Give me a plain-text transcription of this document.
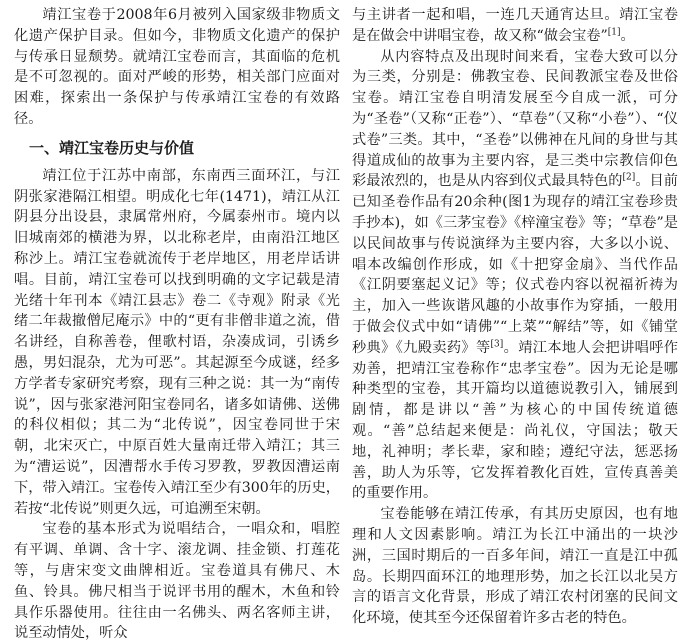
靖江宝卷于2008年6月被列入国家级非物质文化遗产保护目录。但如今，非物质文化遗产的保护与传承日显颓势。就靖江宝卷而言，其面临的危机是不可忽视的。面对严峻的形势，相关部门应面对困难，探索出一条保护与传承靖江宝卷的有效路径。

一、靖江宝卷历史与价值

靖江位于江苏中南部，东南西三面环江，与江阴张家港隔江相望。明成化七年(1471)，靖江从江阴县分出设县，隶属常州府，今属泰州市。境内以旧城南郊的横港为界，以北称老岸，由南沿江地区称沙上。靖江宝卷就流传于老岸地区，用老岸话讲唱。目前，靖江宝卷可以找到明确的文字记载是清光绪十年刊本《靖江县志》卷二《寺观》附录《光绪二年裁撤僧尼庵示》中的“更有非僧非道之流，借名讲经，自称善卷，俚歌村语，杂凑成词，引诱乡愚，男妇混杂，尤为可恶”。其起源至今成谜，经多方学者专家研究考察，现有三种之说：其一为“南传说”，因与张家港河阳宝卷同名，诸多如请佛、送佛的科仪相似；其二为“北传说”，因宝卷同世于宋朝，北宋灭亡，中原百姓大量南迁带入靖江；其三为“漕运说”，因漕帮水手传习罗教，罗教因漕运南下，带入靖江。宝卷传入靖江至少有300年的历史，若按“北传说”则更久远，可追溯至宋朝。

宝卷的基本形式为说唱结合，一唱众和，唱腔有平调、单调、含十字、滚龙调、挂金锁、打莲花等，与唐宋变文曲牌相近。宝卷道具有佛尺、木鱼、铃具。佛尺相当于说评书用的醒木，木鱼和铃具作乐器使用。往往由一名佛头、两名客师主讲，说至动情处，听众

与主讲者一起和唱，一连几天通宵达旦。靖江宝卷是在做会中讲唱宝卷，故又称“做会宝卷”[1]。

从内容特点及出现时间来看，宝卷大致可以分为三类，分别是：佛教宝卷、民间教派宝卷及世俗宝卷。靖江宝卷自明清发展至今自成一派，可分为“圣卷”（又称“正卷”）、“草卷”（又称“小卷”）、“仪式卷”三类。其中，“圣卷”以佛神在凡间的身世与其得道成仙的故事为主要内容，是三类中宗教信仰色彩最浓烈的，也是从内容到仪式最具特色的[2]。目前已知圣卷作品有20余种(图1为现存的靖江宝卷珍贵手抄本)，如《三茅宝卷》《梓潼宝卷》等；“草卷”是以民间故事与传说演绎为主要内容，大多以小说、唱本改编创作形成，如《十把穿金扇》、当代作品《江阴要塞起义记》等；仪式卷内容以祝福祈祷为主，加入一些诙谐风趣的小故事作为穿插，一般用于做会仪式中如“请佛”“上菜”“解结”等，如《铺堂秒典》《九殿卖药》等[3]。靖江本地人会把讲唱呼作劝善，把靖江宝卷称作“忠孝宝卷”。因为无论是哪种类型的宝卷，其开篇均以道德说教引入，铺展到剧情，都是讲以“善”为核心的中国传统道德观。“善”总结起来便是：尚礼仪，守国法；敬天地，礼神明；孝长辈，家和睦；遵纪守法，惩恶扬善，助人为乐等，它发挥着教化百姓，宣传真善美的重要作用。

宝卷能够在靖江传承，有其历史原因，也有地理和人文因素影响。靖江为长江中涌出的一块沙洲，三国时期后的一百多年间，靖江一直是江中孤岛。长期四面环江的地理形势，加之长江以北吴方言的语言文化背景，形成了靖江农村闭塞的民间文化环境，使其至今还保留着许多古老的特色。
